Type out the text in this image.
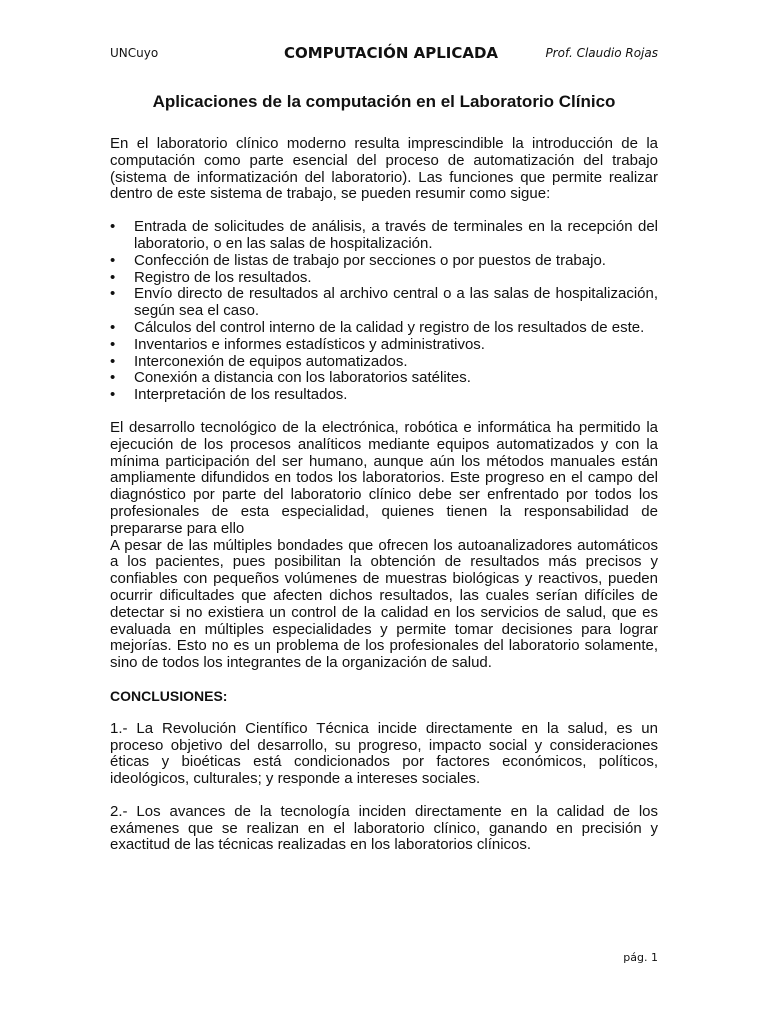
UNCuyo	COMPUTACIÓN APLICADA	Prof. Claudio Rojas
Aplicaciones de la computación en el Laboratorio Clínico

En el laboratorio clínico moderno resulta imprescindible la introducción de la computación como parte esencial del proceso de automatización del trabajo (sistema de informatización del laboratorio). Las funciones que permite realizar dentro de este sistema de trabajo, se pueden resumir como sigue:

• Entrada de solicitudes de análisis, a través de terminales en la recepción del laboratorio, o en las salas de hospitalización.
• Confección de listas de trabajo por secciones o por puestos de trabajo.
• Registro de los resultados.
• Envío directo de resultados al archivo central o a las salas de hospitalización, según sea el caso.
• Cálculos del control interno de la calidad y registro de los resultados de este.
• Inventarios e informes estadísticos y administrativos.
• Interconexión de equipos automatizados.
• Conexión a distancia con los laboratorios satélites.
• Interpretación de los resultados.

El desarrollo tecnológico de la electrónica, robótica e informática ha permitido la ejecución de los procesos analíticos mediante equipos automatizados y con la mínima participación del ser humano, aunque aún los métodos manuales están ampliamente difundidos en todos los laboratorios. Este progreso en el campo del diagnóstico por parte del laboratorio clínico debe ser enfrentado por todos los profesionales de esta especialidad, quienes tienen la responsabilidad de prepararse para ello

A pesar de las múltiples bondades que ofrecen los autoanalizadores automáticos a los pacientes, pues posibilitan la obtención de resultados más precisos y confiables con pequeños volúmenes de muestras biológicas y reactivos, pueden ocurrir dificultades que afecten dichos resultados, las cuales serían difíciles de detectar si no existiera un control de la calidad en los servicios de salud, que es evaluada en múltiples especialidades y permite tomar decisiones para lograr mejorías. Esto no es un problema de los profesionales del laboratorio solamente, sino de todos los integrantes de la organización de salud.

CONCLUSIONES:

1.- La Revolución Científico Técnica incide directamente en la salud, es un proceso objetivo del desarrollo, su progreso, impacto social y consideraciones éticas y bioéticas está condicionados por factores económicos, políticos, ideológicos, culturales; y responde a intereses sociales.

2.- Los avances de la tecnología inciden directamente en la calidad de los exámenes que se realizan en el laboratorio clínico, ganando en precisión y exactitud de las técnicas realizadas en los laboratorios clínicos.

pág. 1
